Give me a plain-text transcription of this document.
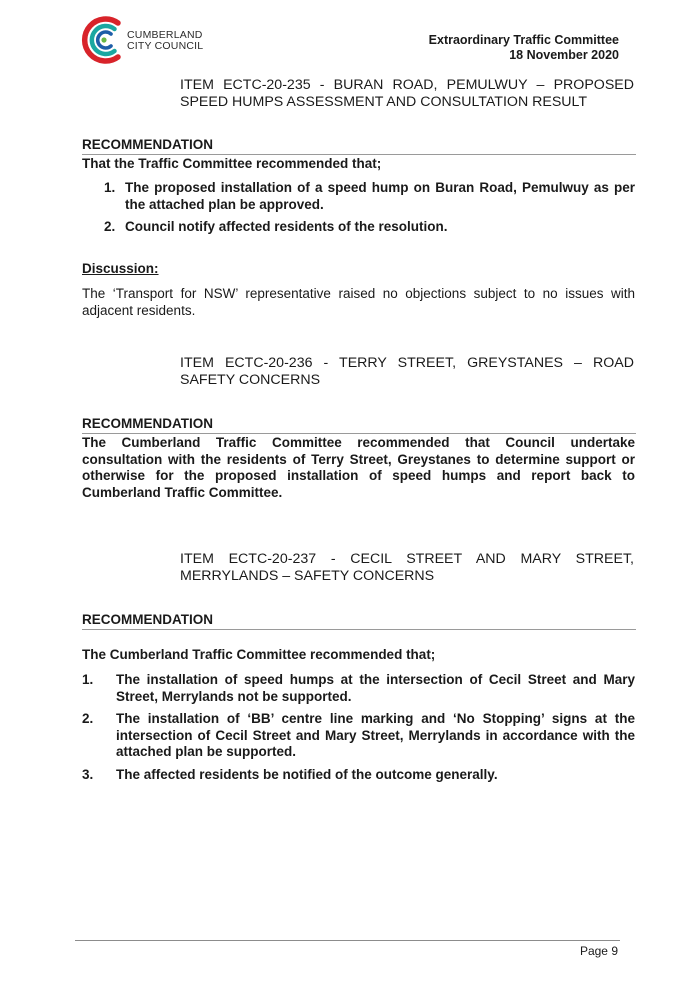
CUMBERLAND
CITY COUNCIL	Extraordinary Traffic Committee
18 November 2020
ITEM ECTC-20-235 - BURAN ROAD, PEMULWUY – PROPOSED SPEED HUMPS ASSESSMENT AND CONSULTATION RESULT
RECOMMENDATION
That the Traffic Committee recommended that;
1. The proposed installation of a speed hump on Buran Road, Pemulwuy as per the attached plan be approved.
2. Council notify affected residents of the resolution.
Discussion:
The ‘Transport for NSW’ representative raised no objections subject to no issues with adjacent residents.
ITEM ECTC-20-236 - TERRY STREET, GREYSTANES – ROAD SAFETY CONCERNS
RECOMMENDATION
The Cumberland Traffic Committee recommended that Council undertake consultation with the residents of Terry Street, Greystanes to determine support or otherwise for the proposed installation of speed humps and report back to Cumberland Traffic Committee.
ITEM ECTC-20-237 - CECIL STREET AND MARY STREET, MERRYLANDS – SAFETY CONCERNS
RECOMMENDATION
The Cumberland Traffic Committee recommended that;
1. The installation of speed humps at the intersection of Cecil Street and Mary Street, Merrylands not be supported.
2. The installation of ‘BB’ centre line marking and ‘No Stopping’ signs at the intersection of Cecil Street and Mary Street, Merrylands in accordance with the attached plan be supported.
3. The affected residents be notified of the outcome generally.
Page 9
